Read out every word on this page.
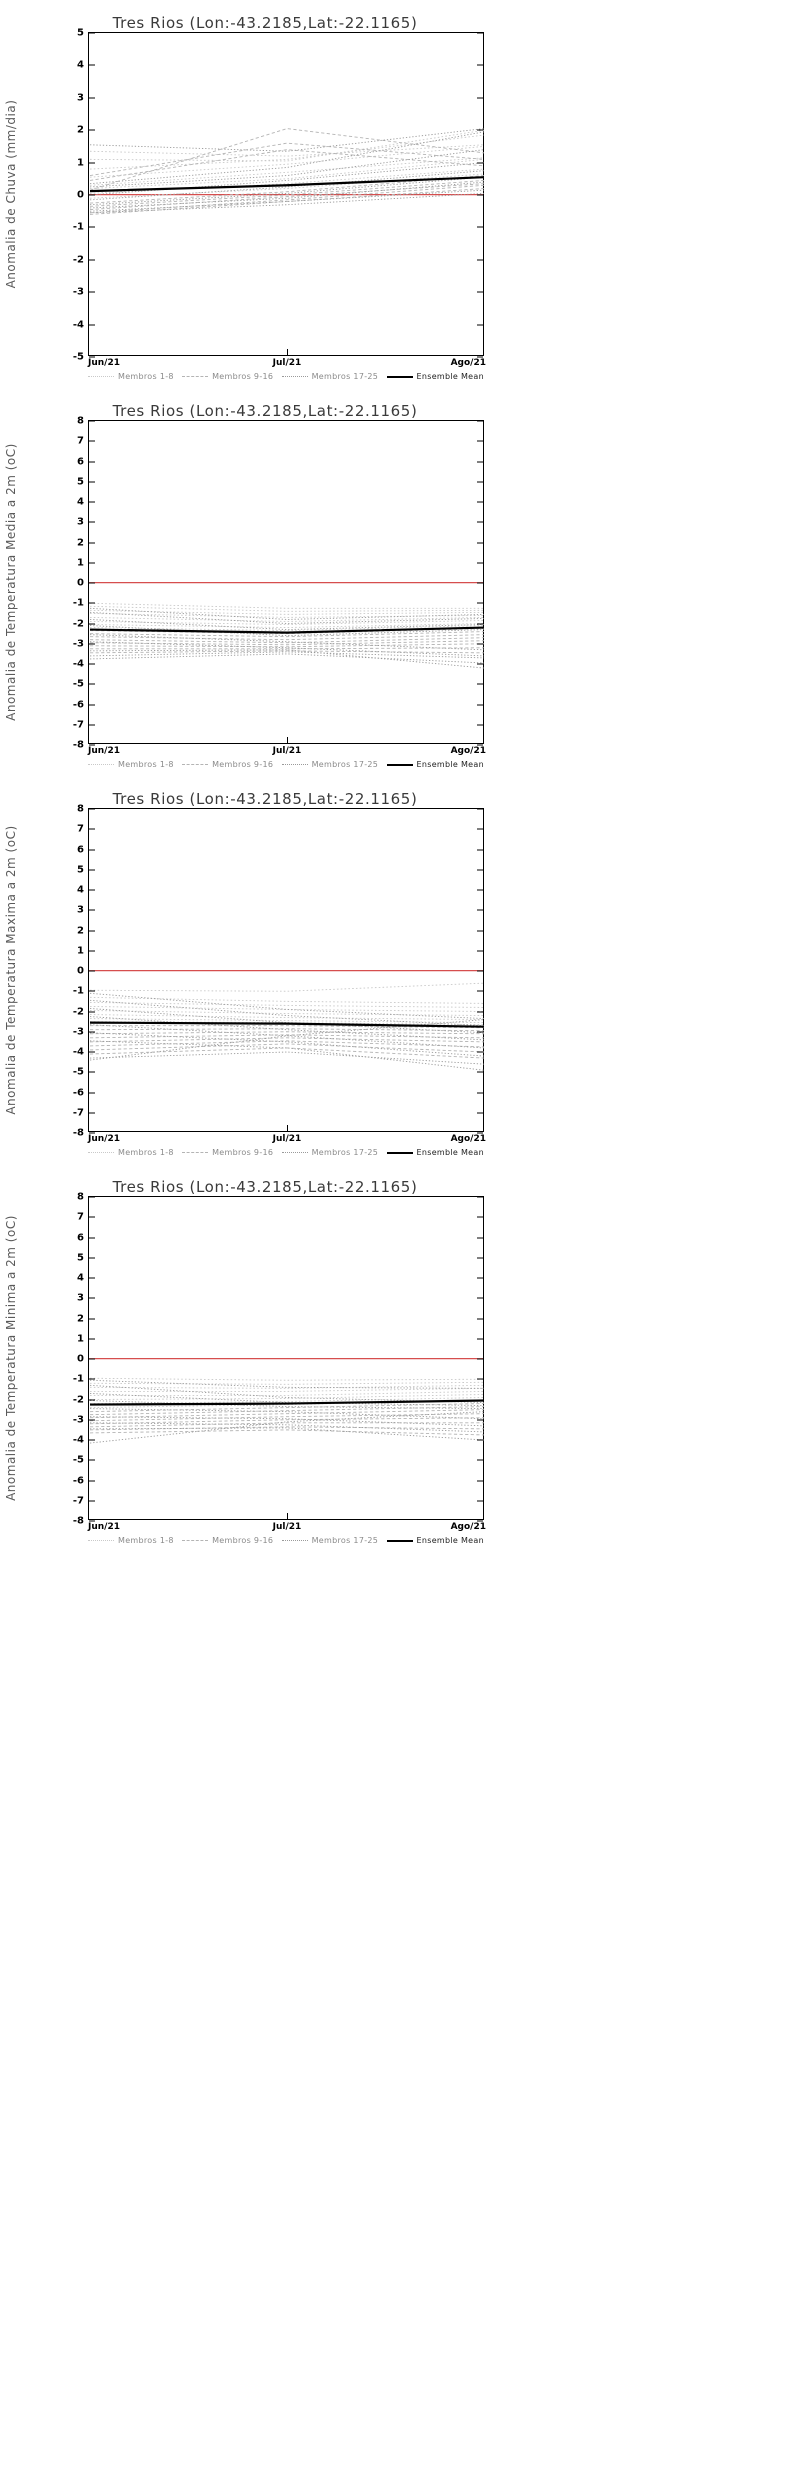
Tres Rios (Lon:-43.2185,Lat:-22.1165)
Anomalia de Chuva (mm/dia)
5
4
3
2
1
0
-1
-2
-3
-4
-5
Jun/21	Jul/21	Ago/21
Membros 1-8	Membros 9-16	Membros 17-25	Ensemble Mean
Tres Rios (Lon:-43.2185,Lat:-22.1165)
Anomalia de Temperatura Media a 2m (oC)
8
7
6
5
4
3
2
1
0
-1
-2
-3
-4
-5
-6
-7
-8
Jun/21	Jul/21	Ago/21
Membros 1-8	Membros 9-16	Membros 17-25	Ensemble Mean
Tres Rios (Lon:-43.2185,Lat:-22.1165)
Anomalia de Temperatura Maxima a 2m (oC)
8
7
6
5
4
3
2
1
0
-1
-2
-3
-4
-5
-6
-7
-8
Jun/21	Jul/21	Ago/21
Membros 1-8	Membros 9-16	Membros 17-25	Ensemble Mean
Tres Rios (Lon:-43.2185,Lat:-22.1165)
Anomalia de Temperatura Minima a 2m (oC)
8
7
6
5
4
3
2
1
0
-1
-2
-3
-4
-5
-6
-7
-8
Jun/21	Jul/21	Ago/21
Membros 1-8	Membros 9-16	Membros 17-25	Ensemble Mean
